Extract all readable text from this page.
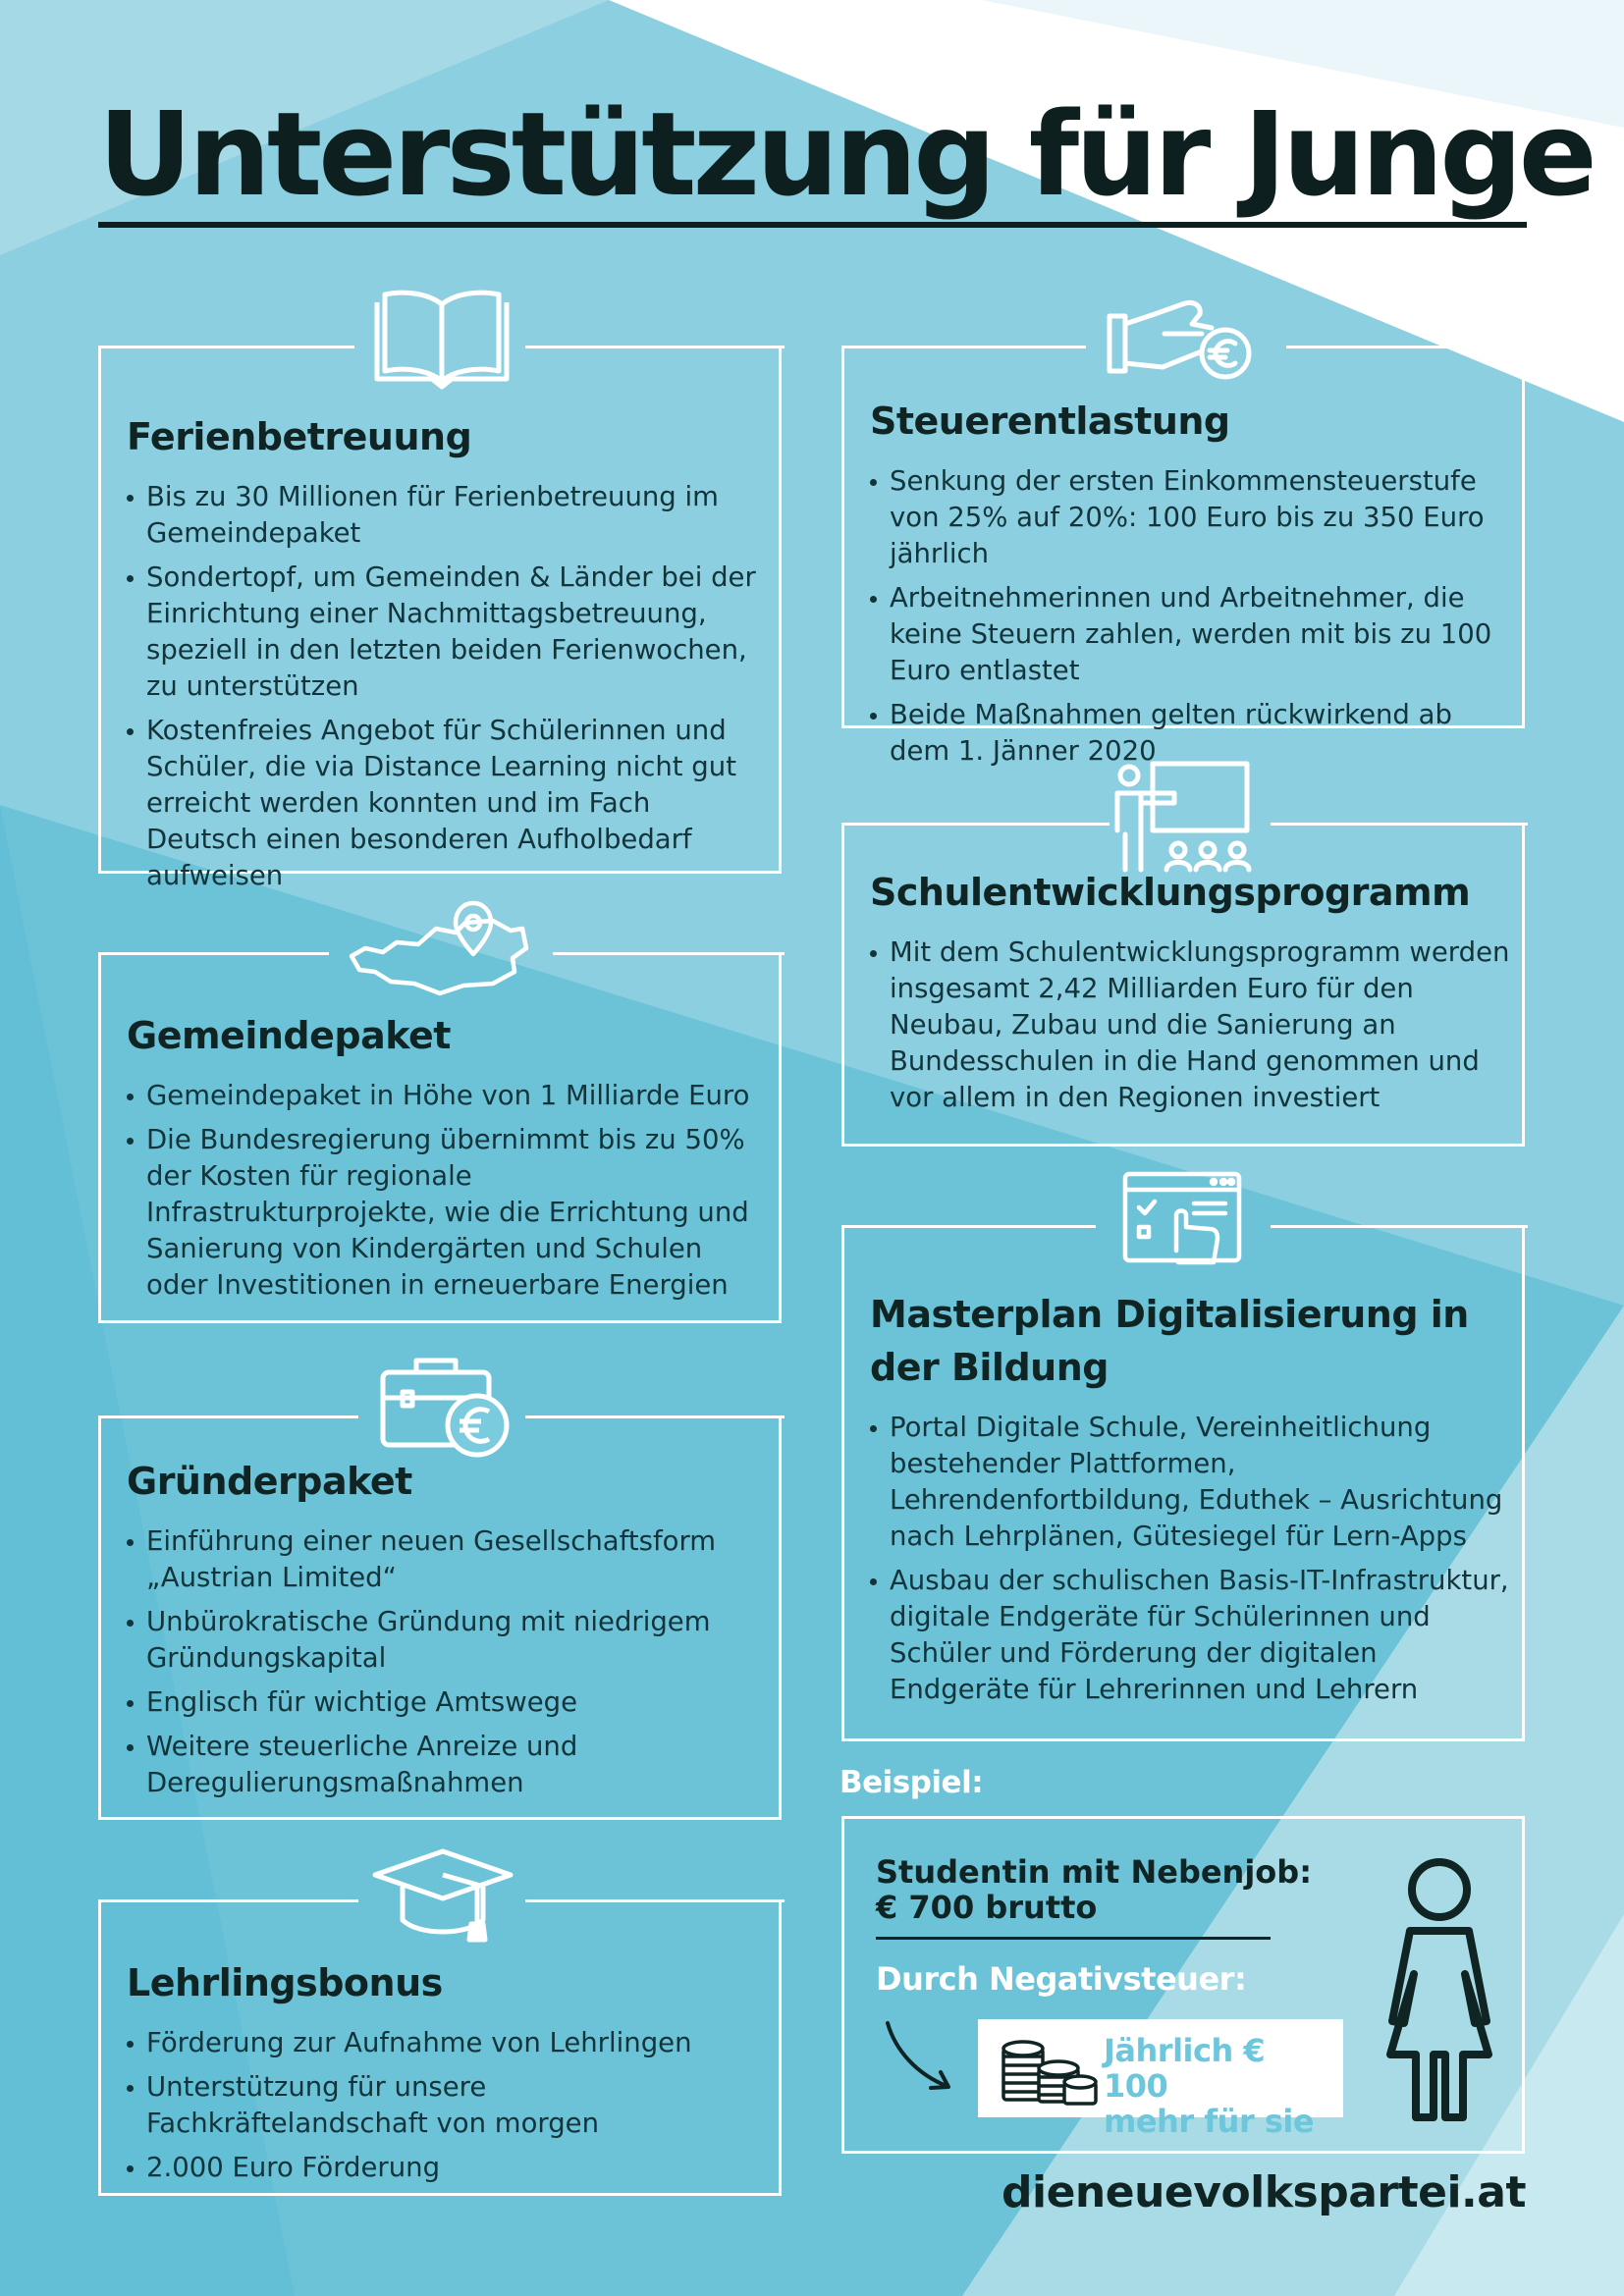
Unterstützung für Junge
Ferienbetreuung
Bis zu 30 Millionen für Ferienbetreuung im Gemeindepaket
Sondertopf, um Gemeinden & Länder bei der Einrichtung einer Nachmittagsbetreuung, speziell in den letzten beiden Ferienwochen, zu unterstützen
Kostenfreies Angebot für Schülerinnen und Schüler, die via Distance Learning nicht gut erreicht werden konnten und im Fach Deutsch einen besonderen Aufholbedarf aufweisen
Gemeindepaket
Gemeindepaket in Höhe von 1 Milliarde Euro
Die Bundesregierung übernimmt bis zu 50% der Kosten für regionale Infrastrukturprojekte, wie die Errichtung und Sanierung von Kindergärten und Schulen oder Investitionen in erneuerbare Energien
Gründerpaket
Einführung einer neuen Gesellschaftsform „Austrian Limited“
Unbürokratische Gründung mit niedrigem Gründungskapital
Englisch für wichtige Amtswege
Weitere steuerliche Anreize und Deregulierungsmaßnahmen
Lehrlingsbonus
Förderung zur Aufnahme von Lehrlingen
Unterstützung für unsere Fachkräftelandschaft von morgen
2.000 Euro Förderung
Steuerentlastung
Senkung der ersten Einkommensteuerstufe von 25% auf 20%: 100 Euro bis zu 350 Euro jährlich
Arbeitnehmerinnen und Arbeitnehmer, die keine Steuern zahlen, werden mit bis zu 100 Euro entlastet
Beide Maßnahmen gelten rückwirkend ab dem 1. Jänner 2020
Schulentwicklungsprogramm
Mit dem Schulentwicklungsprogramm werden insgesamt 2,42 Milliarden Euro für den Neubau, Zubau und die Sanierung an Bundesschulen in die Hand genommen und vor allem in den Regionen investiert
Masterplan Digitalisierung in der Bildung
Portal Digitale Schule, Vereinheitlichung bestehender Plattformen, Lehrendenfortbildung, Eduthek – Ausrichtung nach Lehrplänen, Gütesiegel für Lern-Apps
Ausbau der schulischen Basis-IT-Infrastruktur, digitale Endgeräte für Schülerinnen und Schüler und Förderung der digitalen Endgeräte für Lehrerinnen und Lehrern
Beispiel:
Studentin mit Nebenjob:
€ 700 brutto
Durch Negativsteuer:
Jährlich € 100
mehr für sie
dieneuevolkspartei.at
